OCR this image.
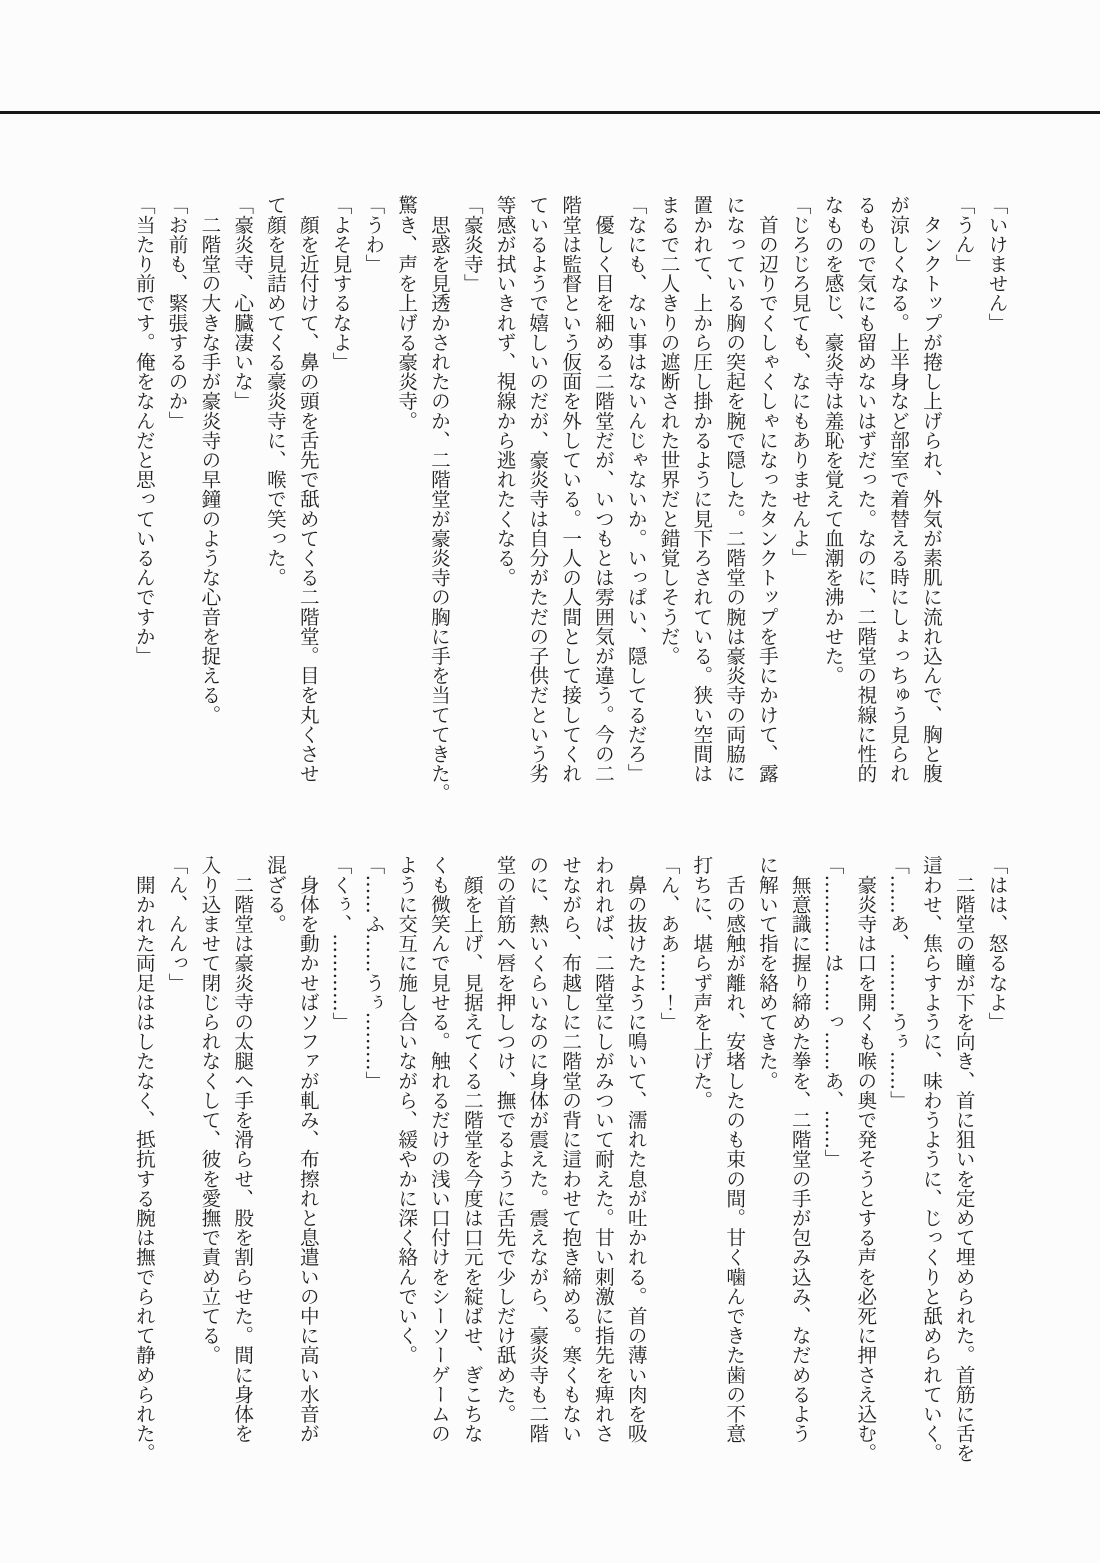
「いけません」

「うん」

　タンクトップが捲し上げられ、外気が素肌に流れ込んで、胸と腹

が涼しくなる。上半身など部室で着替える時にしょっちゅう見られ

るもので気にも留めないはずだった。なのに、二階堂の視線に性的

なものを感じ、豪炎寺は羞恥を覚えて血潮を沸かせた。

「じろじろ見ても、なにもありませんよ」

　首の辺りでくしゃくしゃになったタンクトップを手にかけて、露

になっている胸の突起を腕で隠した。二階堂の腕は豪炎寺の両脇に

置かれて、上から圧し掛かるように見下ろされている。狭い空間は

まるで二人きりの遮断された世界だと錯覚しそうだ。

「なにも、ない事はないんじゃないか。いっぱい、隠してるだろ」

　優しく目を細める二階堂だが、いつもとは雰囲気が違う。今の二

階堂は監督という仮面を外している。一人の人間として接してくれ

ているようで嬉しいのだが、豪炎寺は自分がただの子供だという劣

等感が拭いきれず、視線から逃れたくなる。

「豪炎寺」

　思惑を見透かされたのか、二階堂が豪炎寺の胸に手を当ててきた。

驚き、声を上げる豪炎寺。

「うわ」

「よそ見するなよ」

　顔を近付けて、鼻の頭を舌先で舐めてくる二階堂。目を丸くさせ

て顔を見詰めてくる豪炎寺に、喉で笑った。

「豪炎寺、心臓凄いな」

　二階堂の大きな手が豪炎寺の早鐘のような心音を捉える。

「お前も、緊張するのか」

「当たり前です。俺をなんだと思っているんですか」

「はは、怒るなよ」

　二階堂の瞳が下を向き、首に狙いを定めて埋められた。首筋に舌を

這わせ、焦らすように、味わうように、じっくりと舐められていく。

「……あ、………うぅ……」

　豪炎寺は口を開くも喉の奥で発そうとする声を必死に押さえ込む。

「…………は……っ……あ、……」

　無意識に握り締めた拳を、二階堂の手が包み込み、なだめるよう

に解いて指を絡めてきた。

　舌の感触が離れ、安堵したのも束の間。甘く噛んできた歯の不意

打ちに、堪らず声を上げた。

「ん、ああ……！」

　鼻の抜けたように鳴いて、濡れた息が吐かれる。首の薄い肉を吸

われれば、二階堂にしがみついて耐えた。甘い刺激に指先を痺れさ

せながら、布越しに二階堂の背に這わせて抱き締める。寒くもない

のに、熱いくらいなのに身体が震えた。震えながら、豪炎寺も二階

堂の首筋へ唇を押しつけ、撫でるように舌先で少しだけ舐めた。

　顔を上げ、見据えてくる二階堂を今度は口元を綻ばせ、ぎこちな

くも微笑んで見せる。触れるだけの浅い口付けをシーソーゲームの

ように交互に施し合いながら、緩やかに深く絡んでいく。

「……ふ……うぅ………」

「くぅ、…………」

　身体を動かせばソファが軋み、布擦れと息遣いの中に高い水音が

混ざる。

　二階堂は豪炎寺の太腿へ手を滑らせ、股を割らせた。間に身体を

入り込ませて閉じられなくして、彼を愛撫で責め立てる。

「ん、んんっ」

　開かれた両足ははしたなく、抵抗する腕は撫でられて静められた。
